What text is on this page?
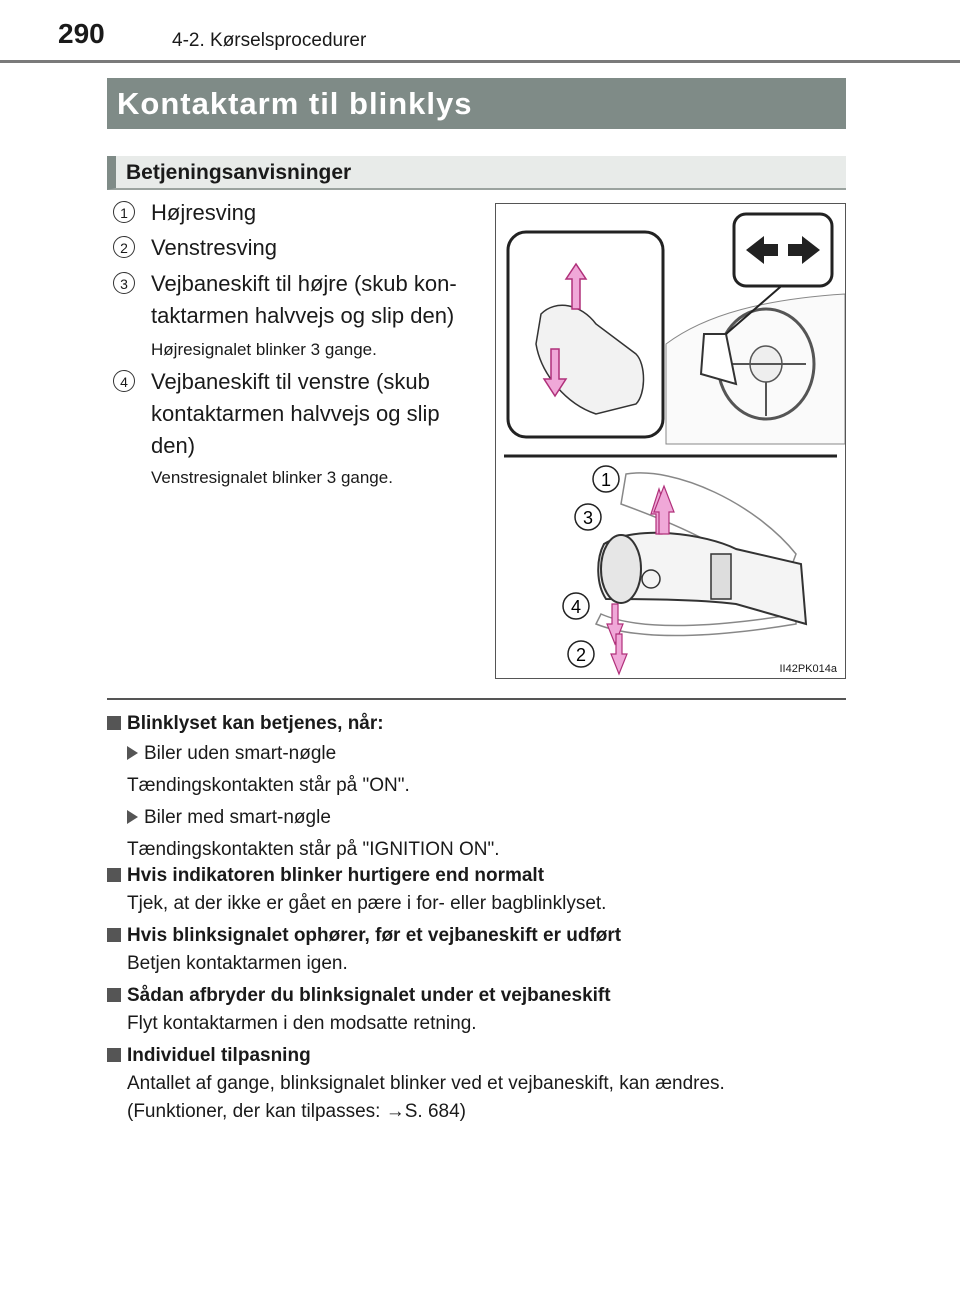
290	4-2. Kørselsprocedurer
Kontaktarm til blinklys
Betjeningsanvisninger
1	Højresving
2	Venstresving
3	Vejbaneskift til højre (skub kon-taktarmen halvvejs og slip den)
Højresignalet blinker 3 gange.
4	Vejbaneskift til venstre (skub kontaktarmen halvvejs og slip den)
Venstresignalet blinker 3 gange.	1
3
4
2
II42PK014a
Blinklyset kan betjenes, når:
Biler uden smart-nøgle
Tændingskontakten står på "ON".
Biler med smart-nøgle
Tændingskontakten står på "IGNITION ON".
Hvis indikatoren blinker hurtigere end normalt
Tjek, at der ikke er gået en pære i for- eller bagblinklyset.
Hvis blinksignalet ophører, før et vejbaneskift er udført
Betjen kontaktarmen igen.
Sådan afbryder du blinksignalet under et vejbaneskift
Flyt kontaktarmen i den modsatte retning.
Individuel tilpasning
Antallet af gange, blinksignalet blinker ved et vejbaneskift, kan ændres.
(Funktioner, der kan tilpasses: →S. 684)
